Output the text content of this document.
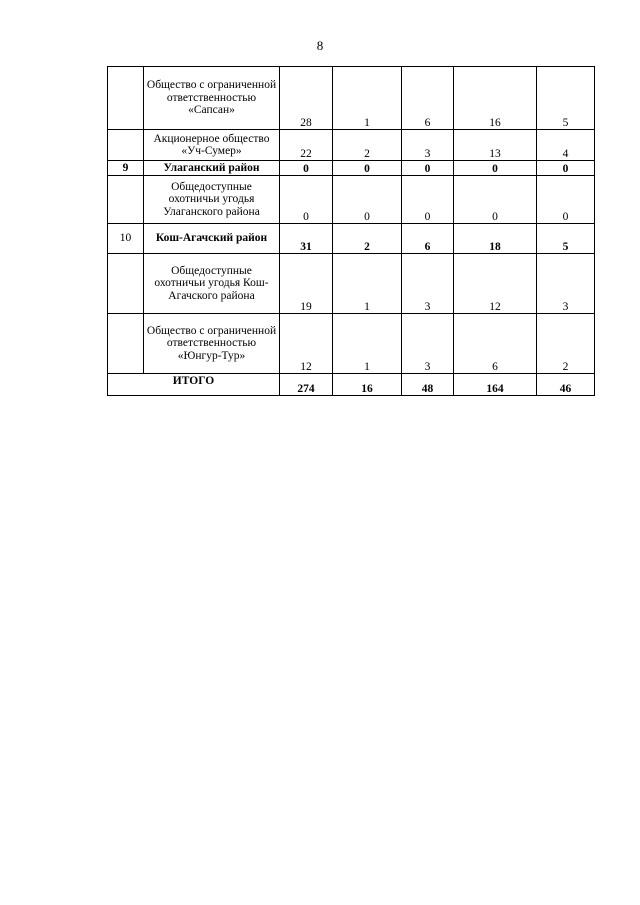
8
	Общество с ограниченной ответственностью «Сапсан»	28	1	6	16	5
	Акционерное общество «Уч-Сумер»	22	2	3	13	4
9	Улаганский район	0	0	0	0	0
	Общедоступные охотничьи угодья Улаганского района	0	0	0	0	0
10	Кош-Агачский район	31	2	6	18	5
	Общедоступные охотничьи угодья Кош-Агачского района	19	1	3	12	3
	Общество с ограниченной ответственностью «Юнгур-Тур»	12	1	3	6	2
ИТОГО		274	16	48	164	46
